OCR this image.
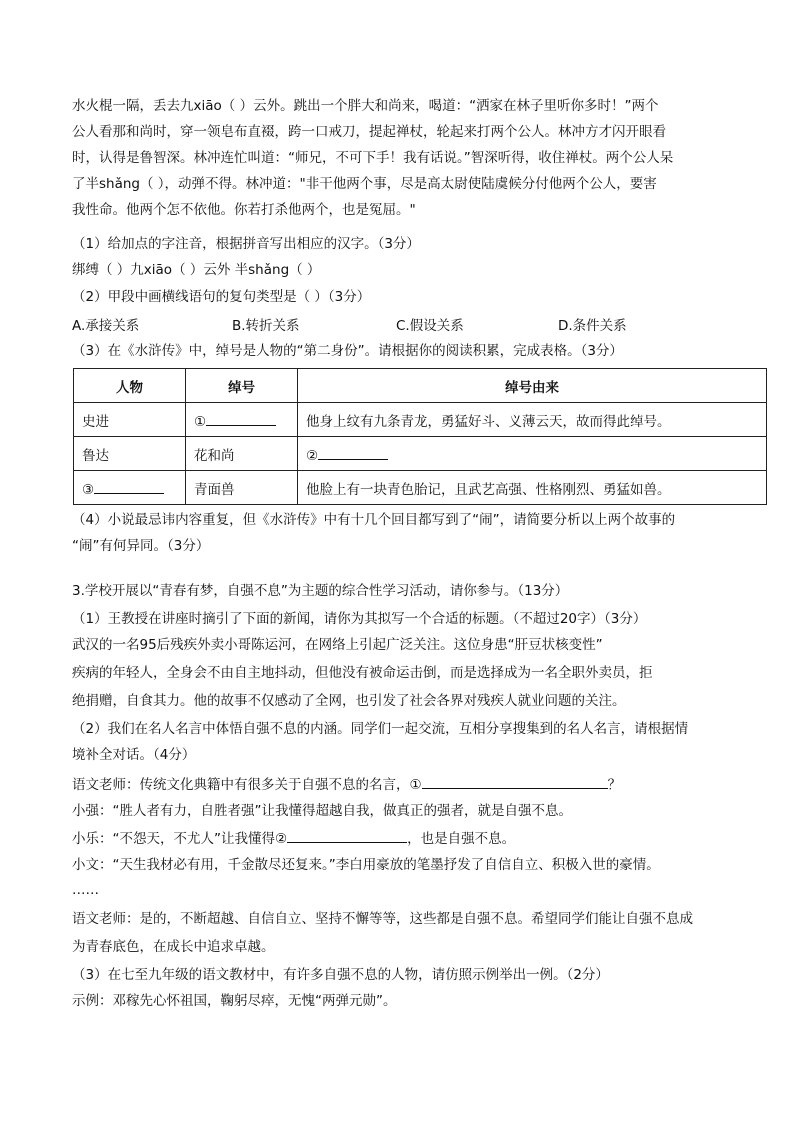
水火棍一隔，丢去九xiāo（ ）云外。跳出一个胖大和尚来，喝道：“洒家在林子里听你多时！”两个
公人看那和尚时，穿一领皂布直裰，跨一口戒刀，提起禅杖，轮起来打两个公人。林冲方才闪开眼看
时，认得是鲁智深。林冲连忙叫道：“师兄，不可下手！我有话说。”智深听得，收住禅杖。两个公人呆
了半shǎng（ ），动弹不得。林冲道："非干他两个事，尽是高太尉使陆虞候分付他两个公人，要害
我性命。他两个怎不依他。你若打杀他两个，也是冤屈。"
（1）给加点的字注音，根据拼音写出相应的汉字。（3分）
绑缚（ ）九xiāo（ ）云外 半shǎng（ ）
（2）甲段中画横线语句的复句类型是（ ）（3分）
A.承接关系	B.转折关系	C.假设关系	D.条件关系
（3）在《水浒传》中，绰号是人物的“第二身份”。请根据你的阅读积累，完成表格。（3分）
人物	绰号	绰号由来
史进	①	他身上纹有九条青龙，勇猛好斗、义薄云天，故而得此绰号。
鲁达	花和尚	②
③	青面兽	他脸上有一块青色胎记，且武艺高强、性格刚烈、勇猛如兽。
（4）小说最忌讳内容重复，但《水浒传》中有十几个回目都写到了“闹”，请简要分析以上两个故事的
“闹”有何异同。（3分）
3.学校开展以“青春有梦，自强不息”为主题的综合性学习活动，请你参与。（13分）
（1）王教授在讲座时摘引了下面的新闻，请你为其拟写一个合适的标题。（不超过20字）（3分）
武汉的一名95后残疾外卖小哥陈运河，在网络上引起广泛关注。这位身患“肝豆状核变性”
疾病的年轻人，全身会不由自主地抖动，但他没有被命运击倒，而是选择成为一名全职外卖员，拒
绝捐赠，自食其力。他的故事不仅感动了全网，也引发了社会各界对残疾人就业问题的关注。
（2）我们在名人名言中体悟自强不息的内涵。同学们一起交流，互相分享搜集到的名人名言，请根据情
境补全对话。（4分）
语文老师：传统文化典籍中有很多关于自强不息的名言，①	？
小强：“胜人者有力，自胜者强”让我懂得超越自我，做真正的强者，就是自强不息。
小乐：“不怨天，不尤人”让我懂得②	，也是自强不息。
小文：“天生我材必有用，千金散尽还复来。”李白用豪放的笔墨抒发了自信自立、积极入世的豪情。
……
语文老师：是的，不断超越、自信自立、坚持不懈等等，这些都是自强不息。希望同学们能让自强不息成
为青春底色，在成长中追求卓越。
（3）在七至九年级的语文教材中，有许多自强不息的人物，请仿照示例举出一例。（2分）
示例：邓稼先心怀祖国，鞠躬尽瘁，无愧“两弹元勋”。
